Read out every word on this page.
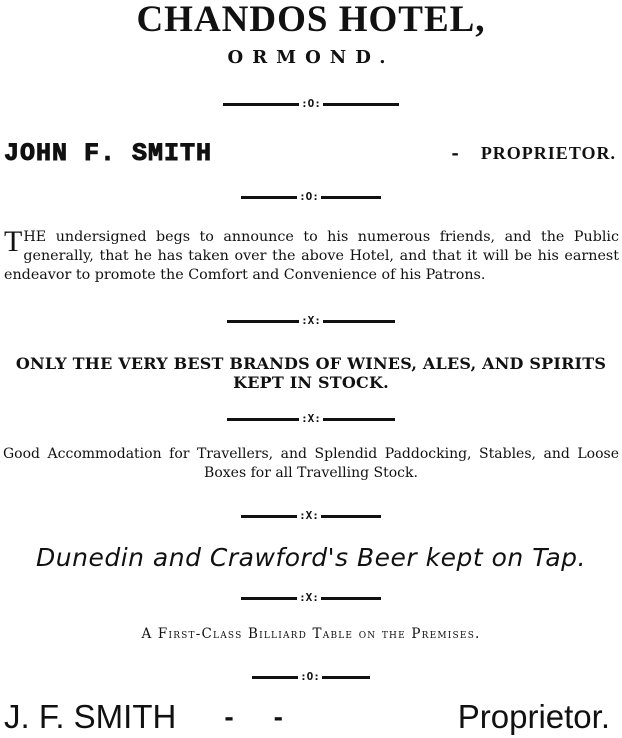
CHANDOS HOTEL,
ORMOND.
:O:
JOHN F. SMITH	- PROPRIETOR.
:O:
THE undersigned begs to announce to his numerous friends, and the Public generally, that he has taken over the above Hotel, and that it will be his earnest endeavor to promote the Comfort and Convenience of his Patrons.
:X:
ONLY THE VERY BEST BRANDS OF WINES, ALES, AND SPIRITS
KEPT IN STOCK.
:X:
Good Accommodation for Travellers, and Splendid Paddocking, Stables, and Loose Boxes for all Travelling Stock.
:X:
Dunedin and Crawford's Beer kept on Tap.
:X:
A First-Class Billiard Table on the Premises.
:O:
J. F. SMITH - -	Proprietor.
